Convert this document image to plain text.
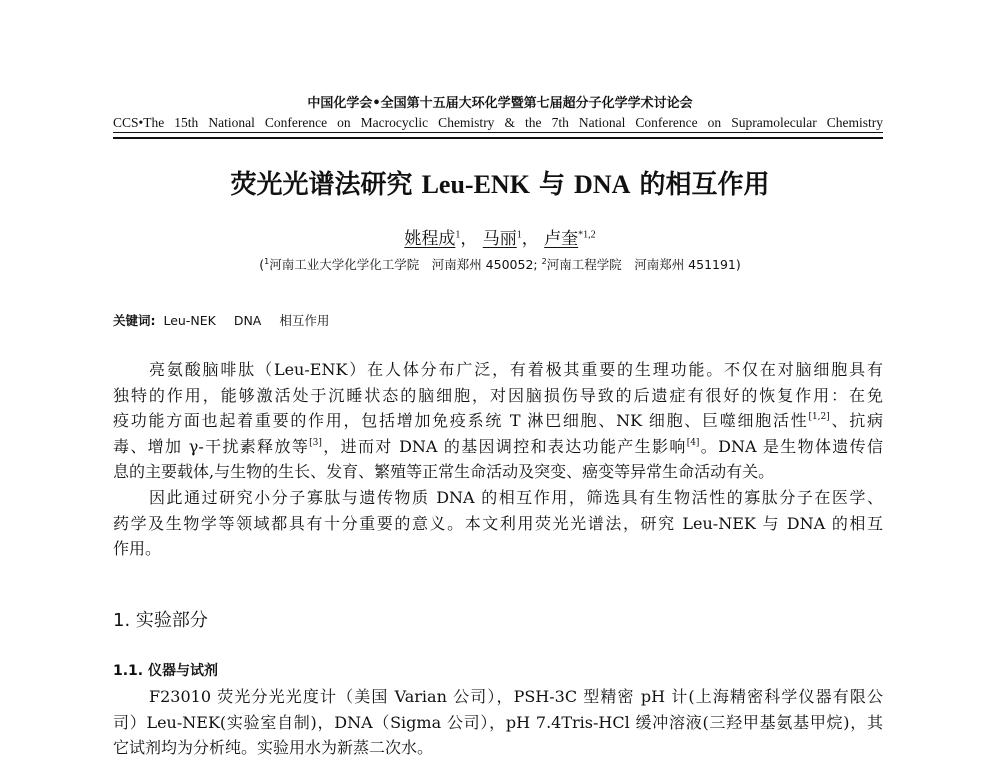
中国化学会•全国第十五届大环化学暨第七届超分子化学学术讨论会
CCS•The 15th National Conference on Macrocyclic Chemistry & the 7th National Conference on Supramolecular Chemistry
荧光光谱法研究 Leu-ENK 与 DNA 的相互作用
姚程成$^1$， 马丽$^1$， 卢奎$^{*1,2}$
($^1$河南工业大学化学化工学院　河南郑州 450052; $^2$河南工程学院　河南郑州 451191)
关键词: Leu-NEK DNA 相互作用
亮氨酸脑啡肽（Leu-ENK）在人体分布广泛，有着极其重要的生理功能。不仅在对脑细胞具有
独特的作用，能够激活处于沉睡状态的脑细胞，对因脑损伤导致的后遗症有很好的恢复作用：在免
疫功能方面也起着重要的作用，包括增加免疫系统 T 淋巴细胞、NK 细胞、巨噬细胞活性[1,2]、抗病
毒、增加 γ-干扰素释放等[3]，进而对 DNA 的基因调控和表达功能产生影响[4]。DNA 是生物体遗传信
息的主要载体,与生物的生长、发育、繁殖等正常生命活动及突变、癌变等异常生命活动有关。
因此通过研究小分子寡肽与遗传物质 DNA 的相互作用，筛选具有生物活性的寡肽分子在医学、
药学及生物学等领域都具有十分重要的意义。本文利用荧光光谱法，研究 Leu-NEK 与 DNA 的相互
作用。
1. 实验部分
1.1. 仪器与试剂
F23010 荧光分光光度计（美国 Varian 公司），PSH-3C 型精密 pH 计(上海精密科学仪器有限公
司）Leu-NEK(实验室自制)，DNA（Sigma 公司），pH 7.4Tris-HCl 缓冲溶液(三羟甲基氨基甲烷)，其
它试剂均为分析纯。实验用水为新蒸二次水。
